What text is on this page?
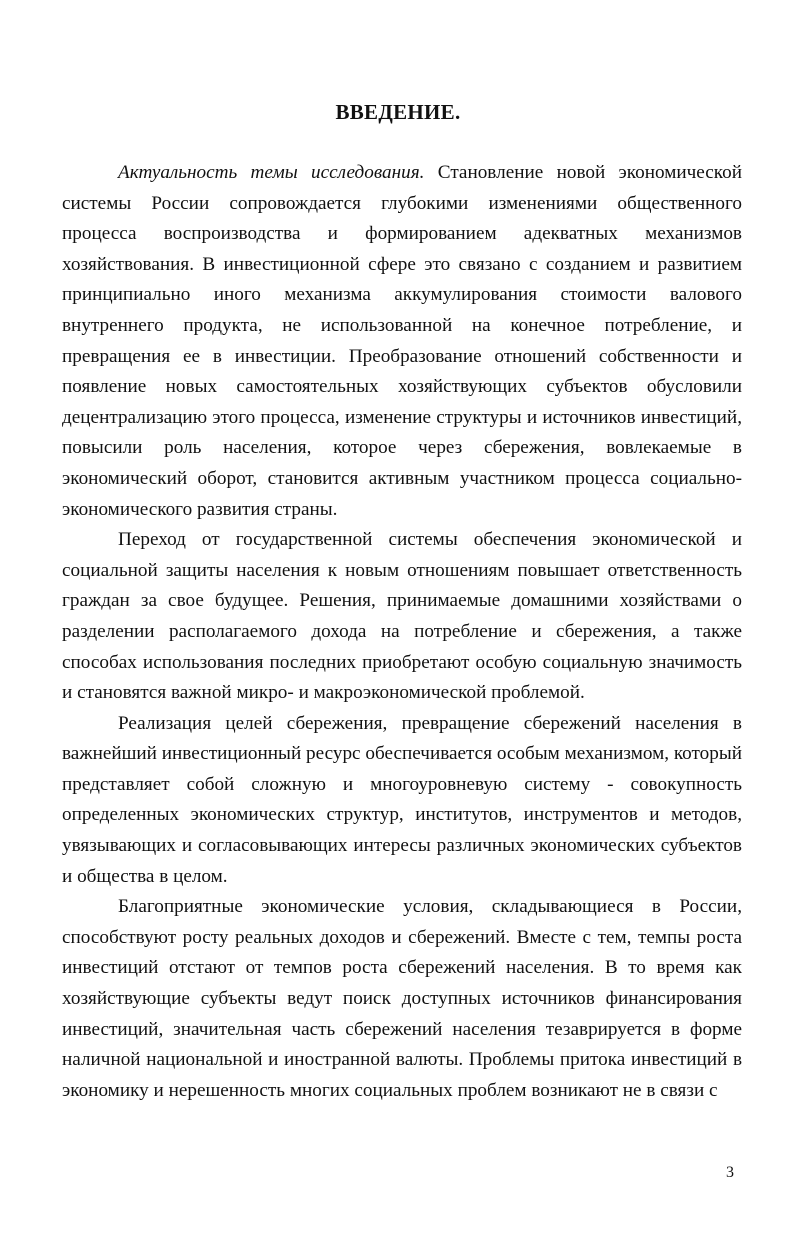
ВВЕДЕНИЕ.

Актуальность темы исследования. Становление новой экономической системы России сопровождается глубокими изменениями общественного процесса воспроизводства и формированием адекватных механизмов хозяйствования. В инвестиционной сфере это связано с созданием и развитием принципиально иного механизма аккумулирования стоимости валового внутреннего продукта, не использованной на конечное потребление, и превращения ее в инвестиции. Преобразование отношений собственности и появление новых самостоятельных хозяйствующих субъектов обусловили децентрализацию этого процесса, изменение структуры и источников инвестиций, повысили роль населения, которое через сбережения, вовлекаемые в экономический оборот, становится активным участником процесса социально-экономического развития страны.

Переход от государственной системы обеспечения экономической и социальной защиты населения к новым отношениям повышает ответственность граждан за свое будущее. Решения, принимаемые домашними хозяйствами о разделении располагаемого дохода на потребление и сбережения, а также способах использования последних приобретают особую социальную значимость и становятся важной микро- и макроэкономической проблемой.

Реализация целей сбережения, превращение сбережений населения в важнейший инвестиционный ресурс обеспечивается особым механизмом, который представляет собой сложную и многоуровневую систему - совокупность определенных экономических структур, институтов, инструментов и методов, увязывающих и согласовывающих интересы различных экономических субъектов и общества в целом.

Благоприятные экономические условия, складывающиеся в России, способствуют росту реальных доходов и сбережений. Вместе с тем, темпы роста инвестиций отстают от темпов роста сбережений населения. В то время как хозяйствующие субъекты ведут поиск доступных источников финансирования инвестиций, значительная часть сбережений населения тезаврируется в форме наличной национальной и иностранной валюты. Проблемы притока инвестиций в экономику и нерешенность многих социальных проблем возникают не в связи с

3
